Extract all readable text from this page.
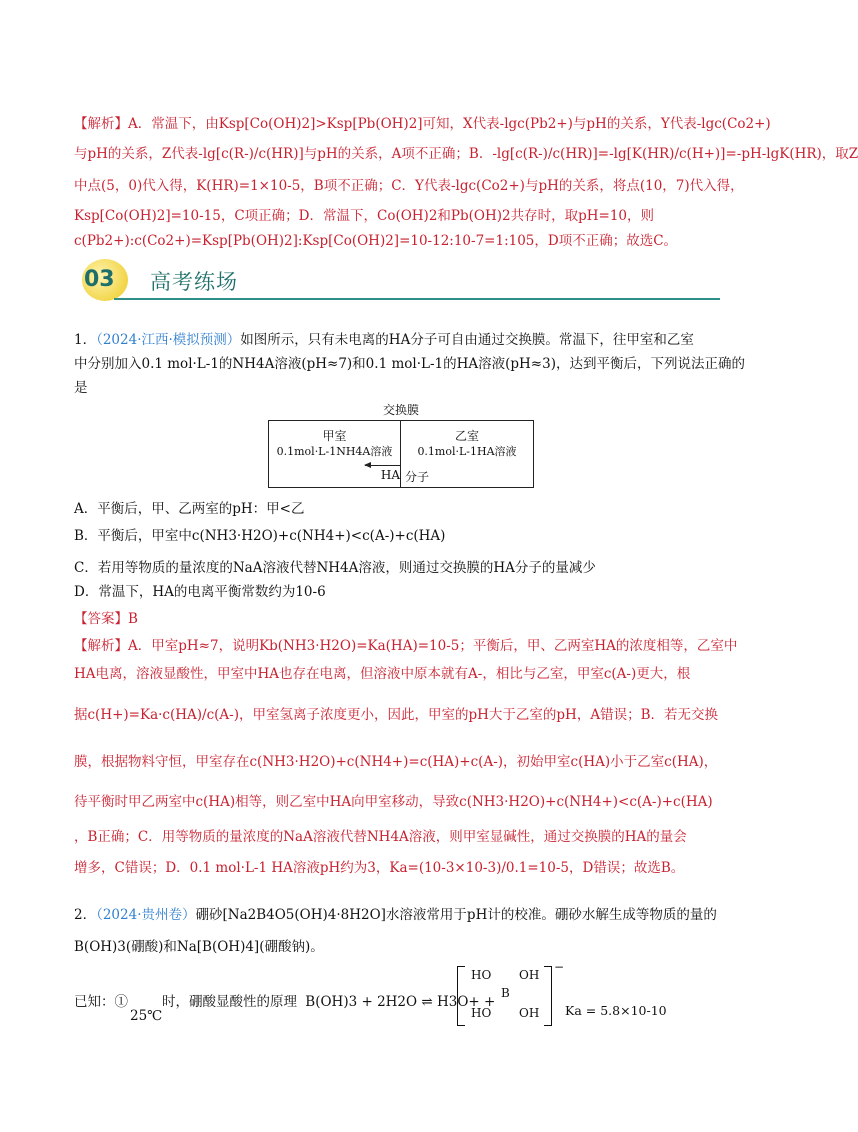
【解析】A．常温下，由Ksp[Co(OH)2]>Ksp[Pb(OH)2]可知，X代表-lgc(Pb2+)与pH的关系，Y代表-lgc(Co2+)
与pH的关系，Z代表-lg[c(R-)/c(HR)]与pH的关系，A项不正确；B．-lg[c(R-)/c(HR)]=-lg[K(HR)/c(H+)]=-pH-lgK(HR)，取Z
中点(5，0)代入得，K(HR)=1×10-5，B项不正确；C．Y代表-lgc(Co2+)与pH的关系，将点(10，7)代入得，
Ksp[Co(OH)2]=10-15，C项正确；D．常温下，Co(OH)2和Pb(OH)2共存时，取pH=10，则
c(Pb2+):c(Co2+)=Ksp[Pb(OH)2]:Ksp[Co(OH)2]=10-12:10-7=1:105，D项不正确；故选C。
03 高考练场
1．（2024·江西·模拟预测）如图所示，只有未电离的HA分子可自由通过交换膜。常温下，往甲室和乙室
中分别加入0.1 mol·L-1的NH4A溶液(pH≈7)和0.1 mol·L-1的HA溶液(pH≈3)，达到平衡后，下列说法正确的
是
交换膜
甲室
0.1mol·L-1NH4A溶液
乙室
0.1mol·L-1HA溶液
HA 分子
A．平衡后，甲、乙两室的pH：甲<乙
B．平衡后，甲室中c(NH3·H2O)+c(NH4+)<c(A-)+c(HA)
C．若用等物质的量浓度的NaA溶液代替NH4A溶液，则通过交换膜的HA分子的量减少
D．常温下，HA的电离平衡常数约为10-6
【答案】B
【解析】A．甲室pH≈7，说明Kb(NH3·H2O)=Ka(HA)=10-5；平衡后，甲、乙两室HA的浓度相等，乙室中
HA电离，溶液显酸性，甲室中HA也存在电离，但溶液中原本就有A-，相比与乙室，甲室c(A-)更大，根
据c(H+)=Ka·c(HA)/c(A-)，甲室氢离子浓度更小，因此，甲室的pH大于乙室的pH，A错误；B．若无交换
膜，根据物料守恒，甲室存在c(NH3·H2O)+c(NH4+)=c(HA)+c(A-)，初始甲室c(HA)小于乙室c(HA)，
待平衡时甲乙两室中c(HA)相等，则乙室中HA向甲室移动，导致c(NH3·H2O)+c(NH4+)<c(A-)+c(HA)
，B正确；C．用等物质的量浓度的NaA溶液代替NH4A溶液，则甲室显碱性，通过交换膜的HA的量会
增多，C错误；D．0.1 mol·L-1 HA溶液pH约为3，Ka=(10-3×10-3)/0.1=10-5，D错误；故选B。
2．（2024·贵州卷）硼砂[Na2B4O5(OH)4·8H2O]水溶液常用于pH计的校准。硼砂水解生成等物质的量的
B(OH)3(硼酸)和Na[B(OH)4](硼酸钠)。
已知：①	时，硼酸显酸性的原理 B(OH)3 + 2H2O ⇌ H3O+ +
25℃
HO OH
B
HO OH
−
Ka = 5.8×10-10
